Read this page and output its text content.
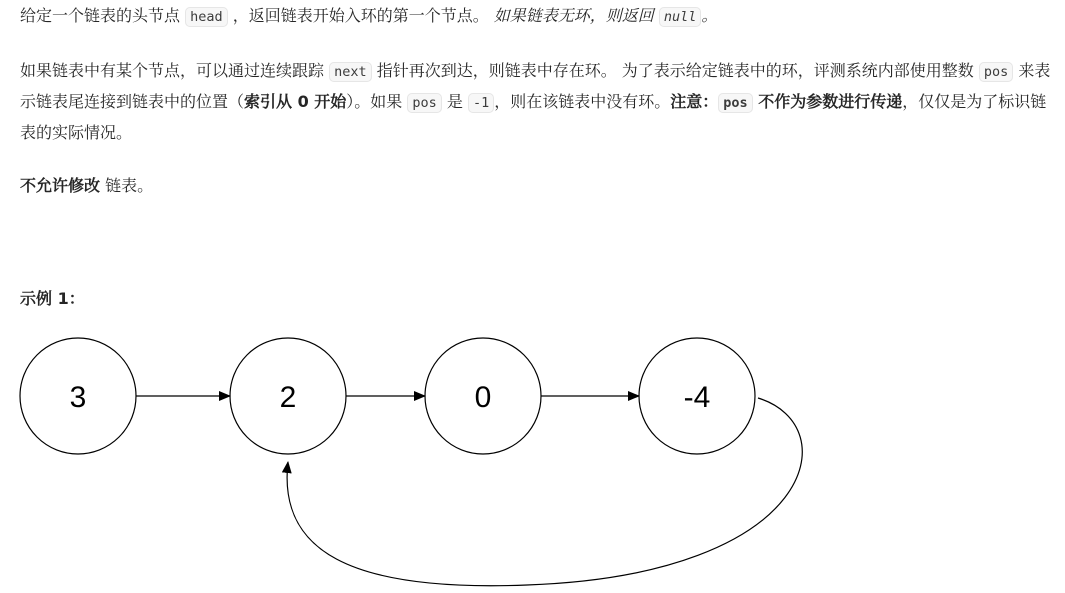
给定一个链表的头节点 head ，返回链表开始入环的第一个节点。 如果链表无环，则返回 null 。

如果链表中有某个节点，可以通过连续跟踪 next 指针再次到达，则链表中存在环。 为了表示给定链表中的环，评测系统内部使用整数 pos 来表示链表尾连接到链表中的位置（索引从 0 开始）。如果 pos 是 -1 ，则在该链表中没有环。注意： pos 不作为参数进行传递，仅仅是为了标识链表的实际情况。

不允许修改 链表。

示例 1：

3	2	0	-4
